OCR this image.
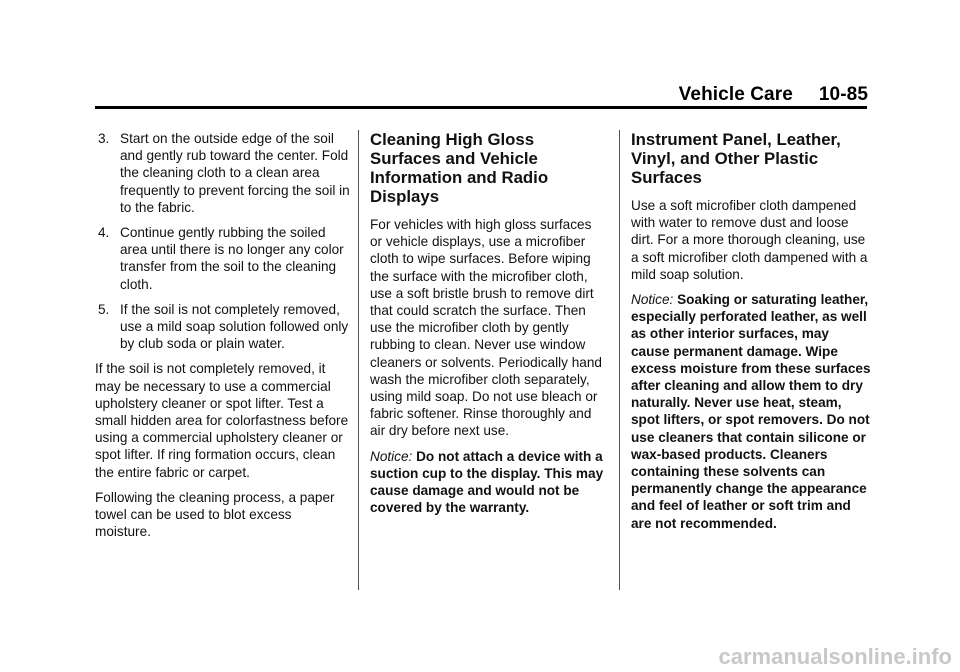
Vehicle Care 10-85
3. Start on the outside edge of the soil and gently rub toward the center. Fold the cleaning cloth to a clean area frequently to prevent forcing the soil in to the fabric.
4. Continue gently rubbing the soiled area until there is no longer any color transfer from the soil to the cleaning cloth.
5. If the soil is not completely removed, use a mild soap solution followed only by club soda or plain water.

If the soil is not completely removed, it may be necessary to use a commercial upholstery cleaner or spot lifter. Test a small hidden area for colorfastness before using a commercial upholstery cleaner or spot lifter. If ring formation occurs, clean the entire fabric or carpet.

Following the cleaning process, a paper towel can be used to blot excess moisture.

Cleaning High Gloss Surfaces and Vehicle Information and Radio Displays

For vehicles with high gloss surfaces or vehicle displays, use a microfiber cloth to wipe surfaces. Before wiping the surface with the microfiber cloth, use a soft bristle brush to remove dirt that could scratch the surface. Then use the microfiber cloth by gently rubbing to clean. Never use window cleaners or solvents. Periodically hand wash the microfiber cloth separately, using mild soap. Do not use bleach or fabric softener. Rinse thoroughly and air dry before next use.

Notice: Do not attach a device with a suction cup to the display. This may cause damage and would not be covered by the warranty.

Instrument Panel, Leather, Vinyl, and Other Plastic Surfaces

Use a soft microfiber cloth dampened with water to remove dust and loose dirt. For a more thorough cleaning, use a soft microfiber cloth dampened with a mild soap solution.

Notice: Soaking or saturating leather, especially perforated leather, as well as other interior surfaces, may cause permanent damage. Wipe excess moisture from these surfaces after cleaning and allow them to dry naturally. Never use heat, steam, spot lifters, or spot removers. Do not use cleaners that contain silicone or wax-based products. Cleaners containing these solvents can permanently change the appearance and feel of leather or soft trim and are not recommended.

carmanualsonline.info
